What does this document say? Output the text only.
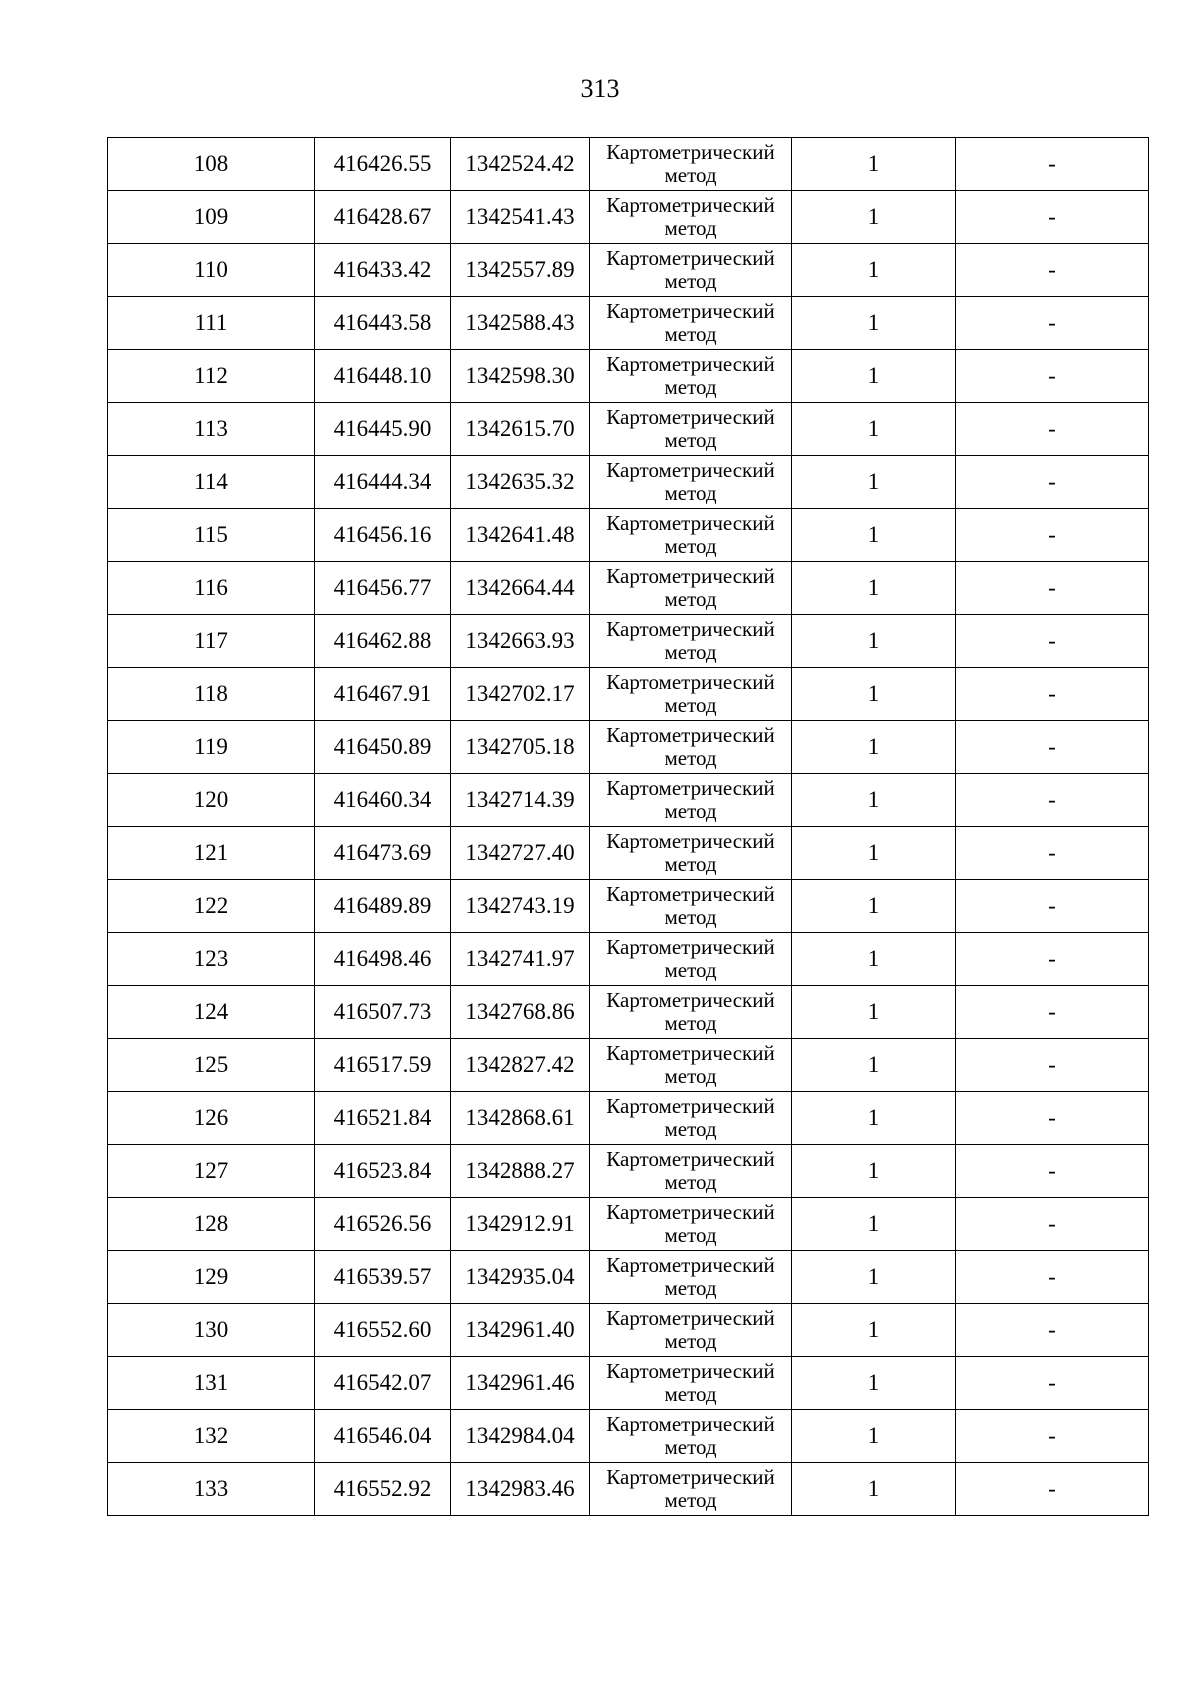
313
108	416426.55	1342524.42	Картометрический метод	1	-
109	416428.67	1342541.43	Картометрический метод	1	-
110	416433.42	1342557.89	Картометрический метод	1	-
111	416443.58	1342588.43	Картометрический метод	1	-
112	416448.10	1342598.30	Картометрический метод	1	-
113	416445.90	1342615.70	Картометрический метод	1	-
114	416444.34	1342635.32	Картометрический метод	1	-
115	416456.16	1342641.48	Картометрический метод	1	-
116	416456.77	1342664.44	Картометрический метод	1	-
117	416462.88	1342663.93	Картометрический метод	1	-
118	416467.91	1342702.17	Картометрический метод	1	-
119	416450.89	1342705.18	Картометрический метод	1	-
120	416460.34	1342714.39	Картометрический метод	1	-
121	416473.69	1342727.40	Картометрический метод	1	-
122	416489.89	1342743.19	Картометрический метод	1	-
123	416498.46	1342741.97	Картометрический метод	1	-
124	416507.73	1342768.86	Картометрический метод	1	-
125	416517.59	1342827.42	Картометрический метод	1	-
126	416521.84	1342868.61	Картометрический метод	1	-
127	416523.84	1342888.27	Картометрический метод	1	-
128	416526.56	1342912.91	Картометрический метод	1	-
129	416539.57	1342935.04	Картометрический метод	1	-
130	416552.60	1342961.40	Картометрический метод	1	-
131	416542.07	1342961.46	Картометрический метод	1	-
132	416546.04	1342984.04	Картометрический метод	1	-
133	416552.92	1342983.46	Картометрический метод	1	-
